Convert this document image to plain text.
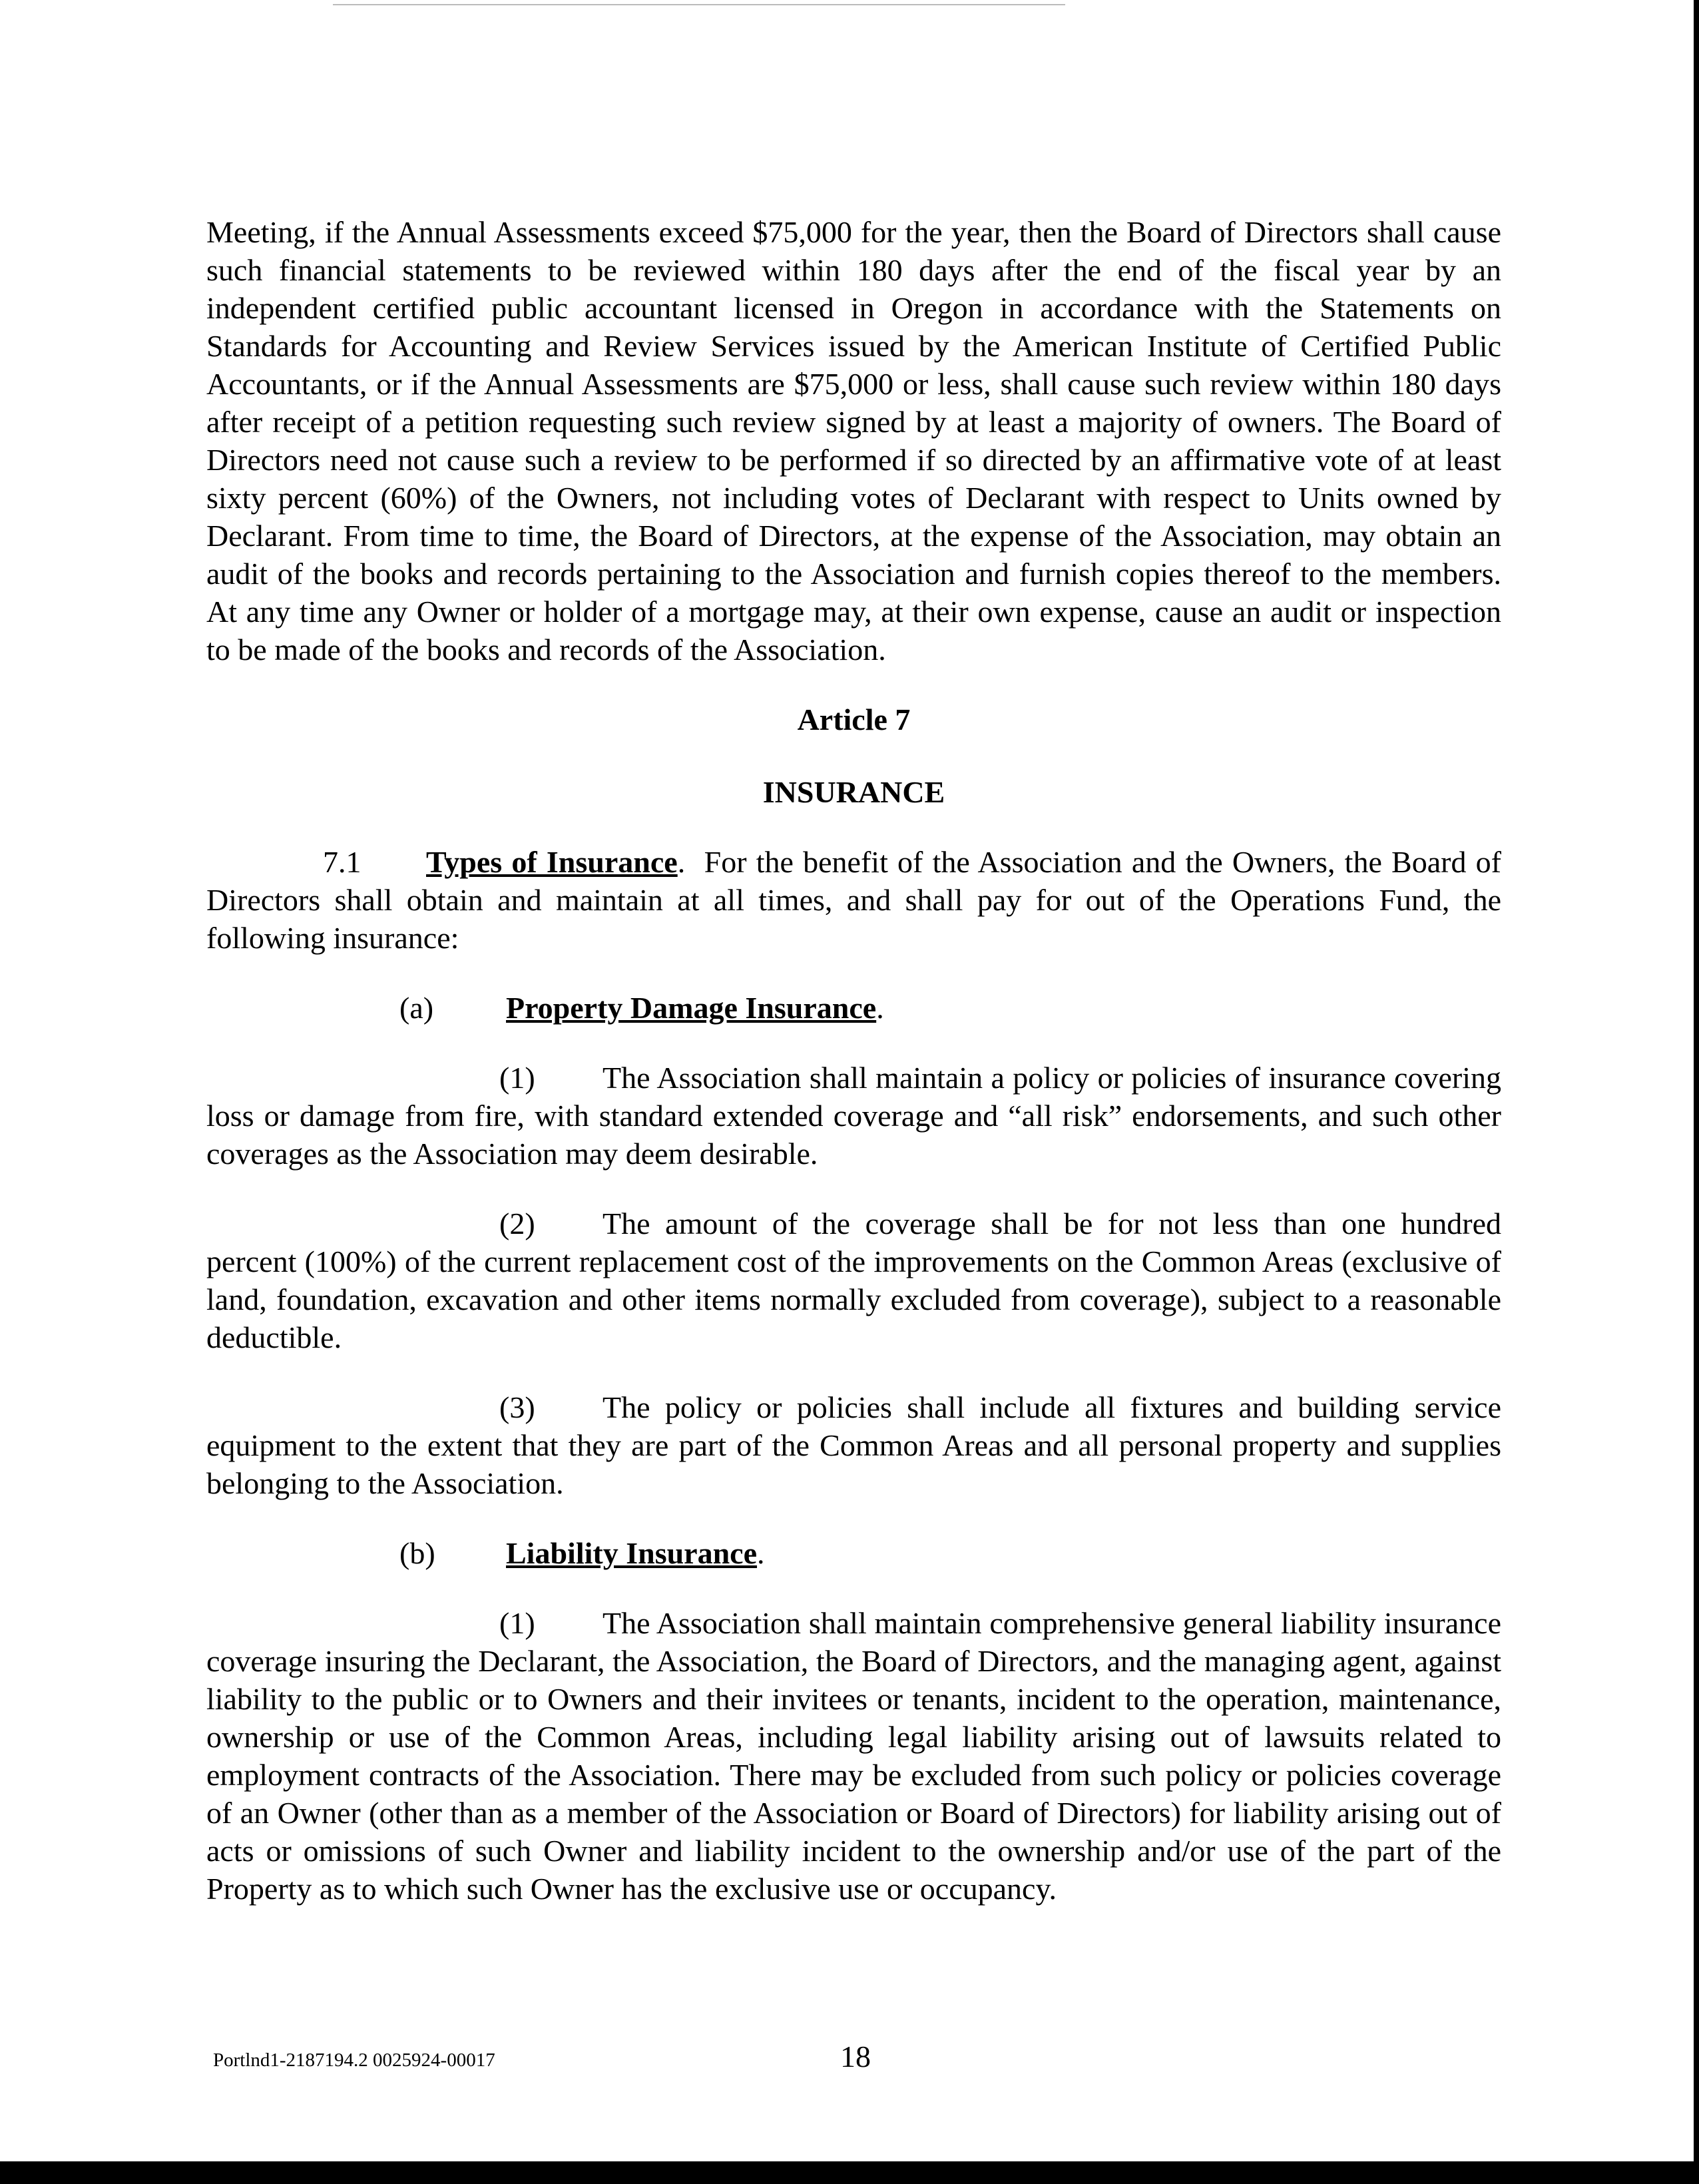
Meeting, if the Annual Assessments exceed $75,000 for the year, then the Board of Directors shall cause such financial statements to be reviewed within 180 days after the end of the fiscal year by an independent certified public accountant licensed in Oregon in accordance with the Statements on Standards for Accounting and Review Services issued by the American Institute of Certified Public Accountants, or if the Annual Assessments are $75,000 or less, shall cause such review within 180 days after receipt of a petition requesting such review signed by at least a majority of owners. The Board of Directors need not cause such a review to be performed if so directed by an affirmative vote of at least sixty percent (60%) of the Owners, not including votes of Declarant with respect to Units owned by Declarant. From time to time, the Board of Directors, at the expense of the Association, may obtain an audit of the books and records pertaining to the Association and furnish copies thereof to the members. At any time any Owner or holder of a mortgage may, at their own expense, cause an audit or inspection to be made of the books and records of the Association.

Article 7
INSURANCE

7.1 Types of Insurance.  For the benefit of the Association and the Owners, the Board of Directors shall obtain and maintain at all times, and shall pay for out of the Operations Fund, the following insurance:

(a) Property Damage Insurance.

(1) The Association shall maintain a policy or policies of insurance covering loss or damage from fire, with standard extended coverage and “all risk” endorsements, and such other coverages as the Association may deem desirable.

(2) The amount of the coverage shall be for not less than one hundred percent (100%) of the current replacement cost of the improvements on the Common Areas (exclusive of land, foundation, excavation and other items normally excluded from coverage), subject to a reasonable deductible.

(3) The policy or policies shall include all fixtures and building service equipment to the extent that they are part of the Common Areas and all personal property and supplies belonging to the Association.

(b) Liability Insurance.

(1) The Association shall maintain comprehensive general liability insurance coverage insuring the Declarant, the Association, the Board of Directors, and the managing agent, against liability to the public or to Owners and their invitees or tenants, incident to the operation, maintenance, ownership or use of the Common Areas, including legal liability arising out of lawsuits related to employment contracts of the Association. There may be excluded from such policy or policies coverage of an Owner (other than as a member of the Association or Board of Directors) for liability arising out of acts or omissions of such Owner and liability incident to the ownership and/or use of the part of the Property as to which such Owner has the exclusive use or occupancy.

Portlnd1-2187194.2 0025924-00017	18
